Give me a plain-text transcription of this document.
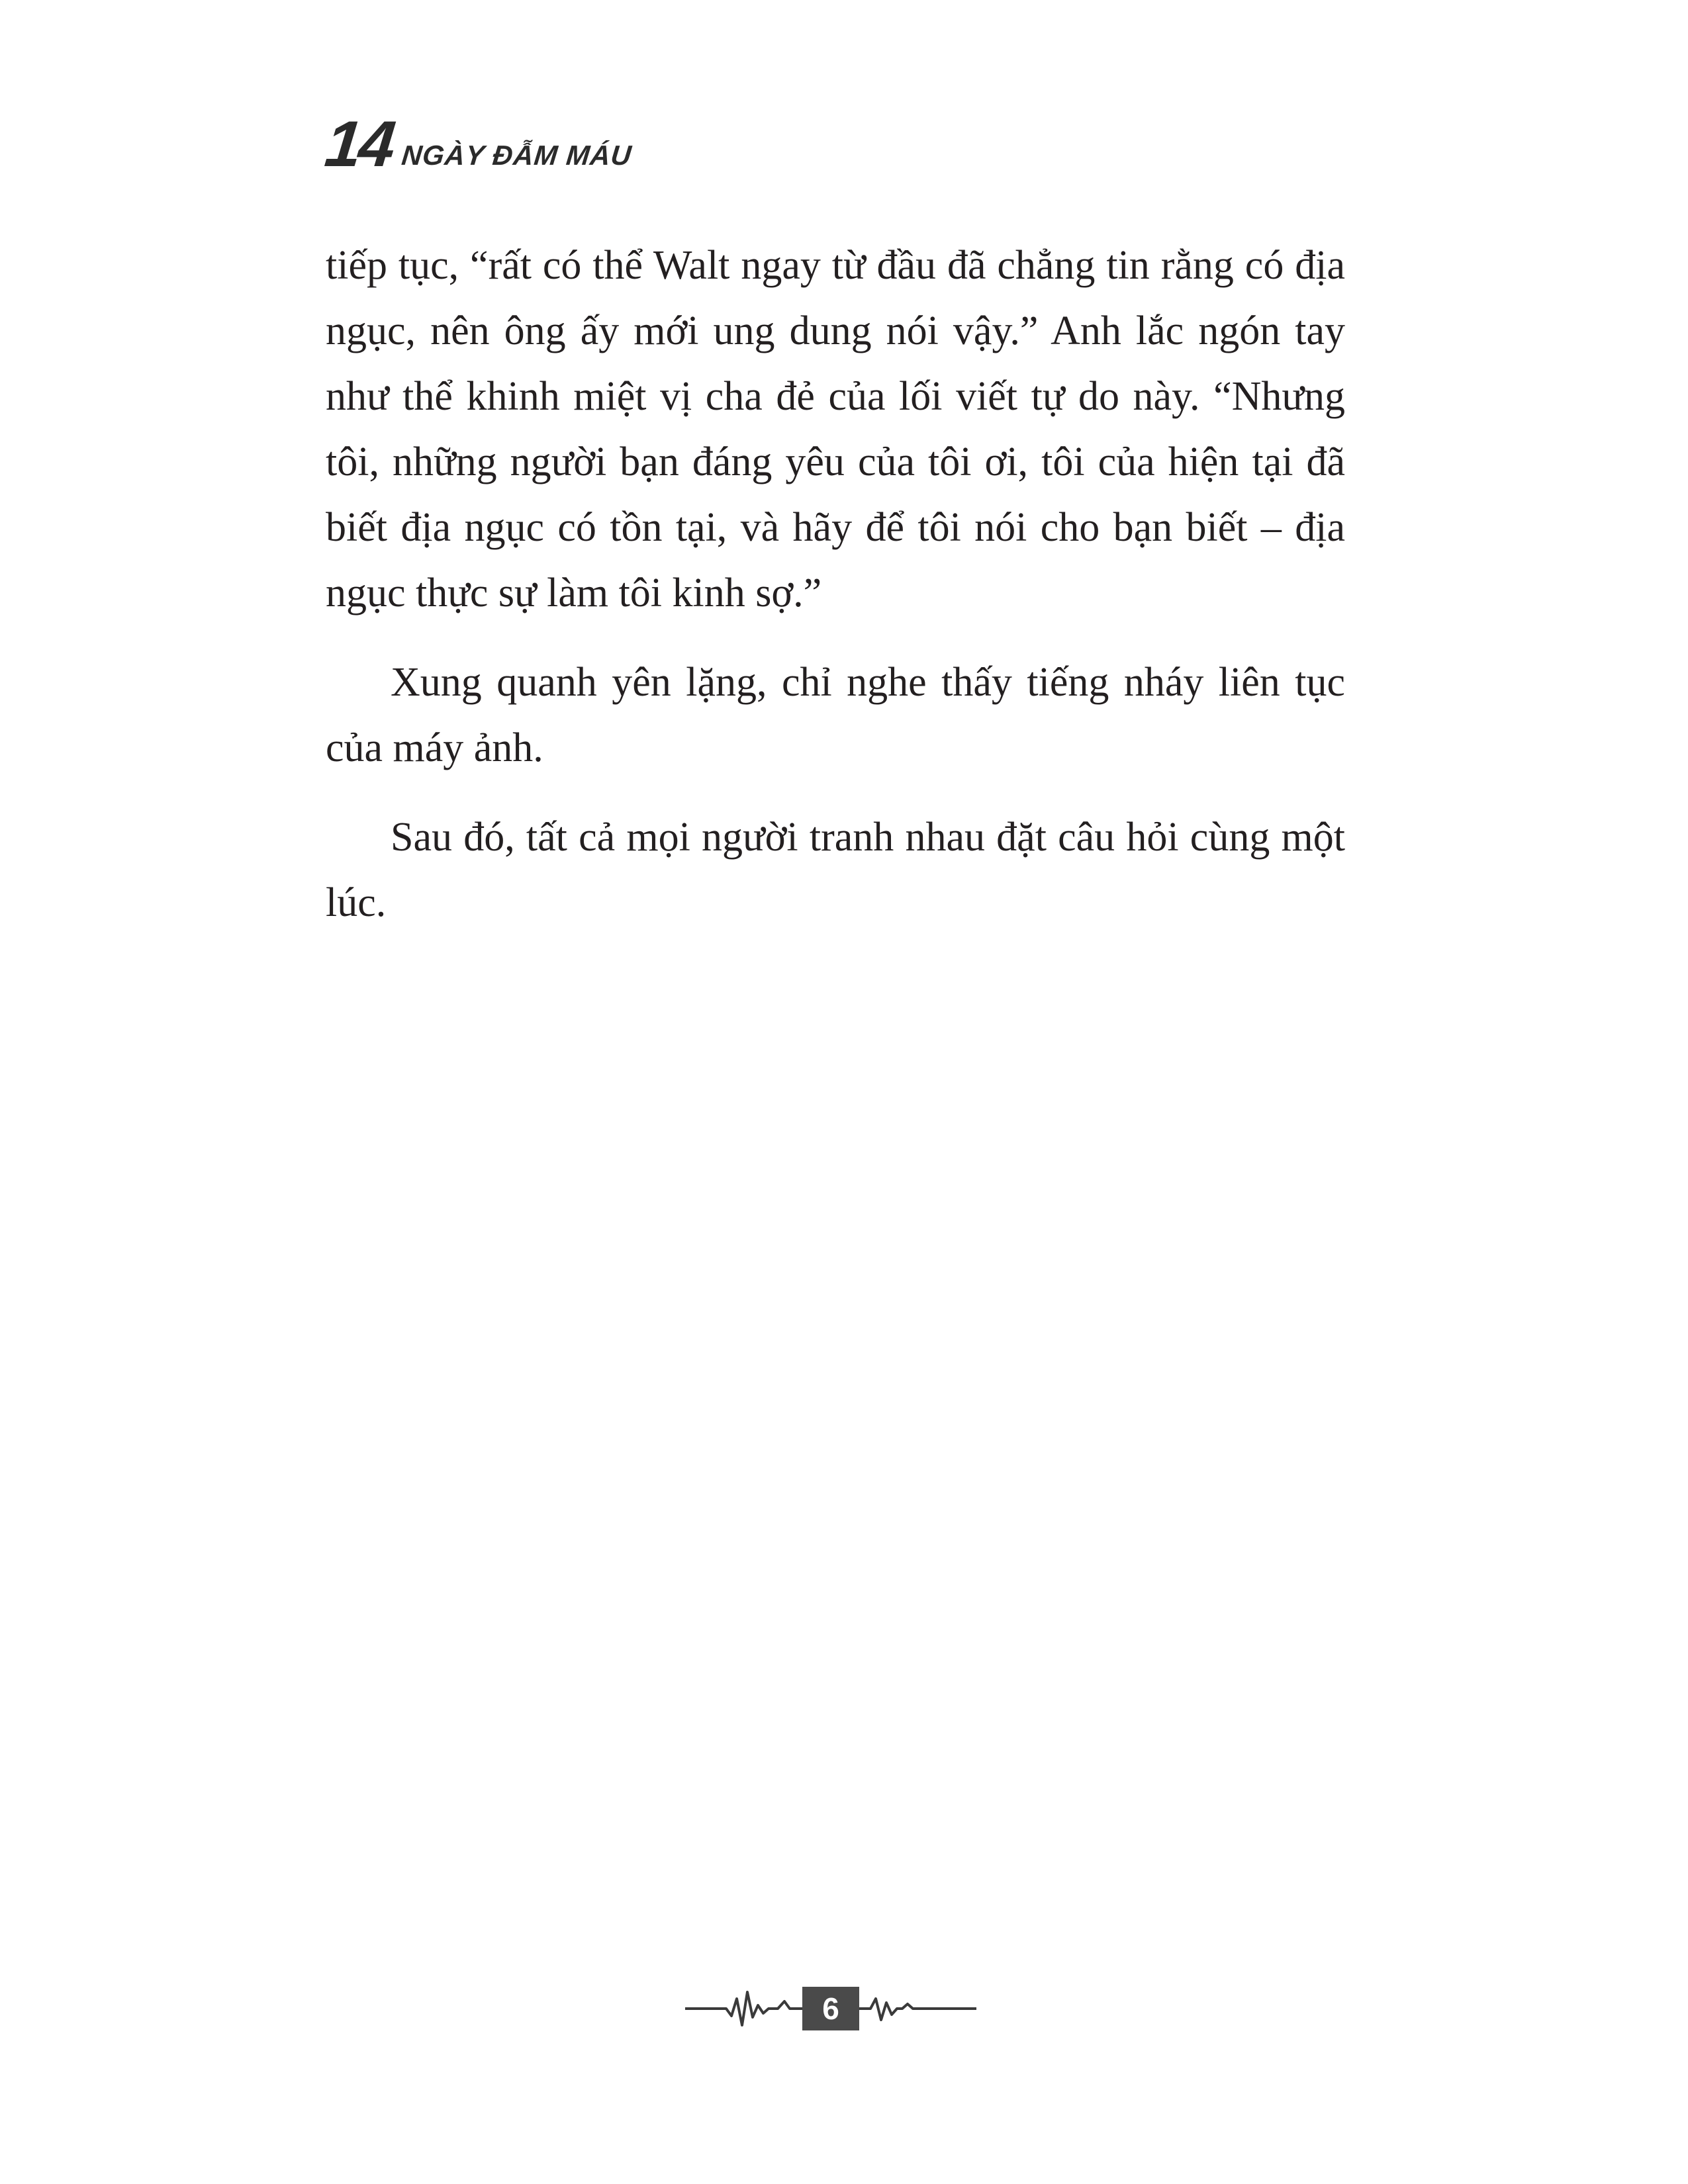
14 NGÀY ĐẪM MÁU

tiếp tục, “rất có thể Walt ngay từ đầu đã chẳng tin rằng có địa ngục, nên ông ấy mới ung dung nói vậy.” Anh lắc ngón tay như thể khinh miệt vị cha đẻ của lối viết tự do này. “Nhưng tôi, những người bạn đáng yêu của tôi ơi, tôi của hiện tại đã biết địa ngục có tồn tại, và hãy để tôi nói cho bạn biết – địa ngục thực sự làm tôi kinh sợ.”

Xung quanh yên lặng, chỉ nghe thấy tiếng nháy liên tục của máy ảnh.

Sau đó, tất cả mọi người tranh nhau đặt câu hỏi cùng một lúc.

6
